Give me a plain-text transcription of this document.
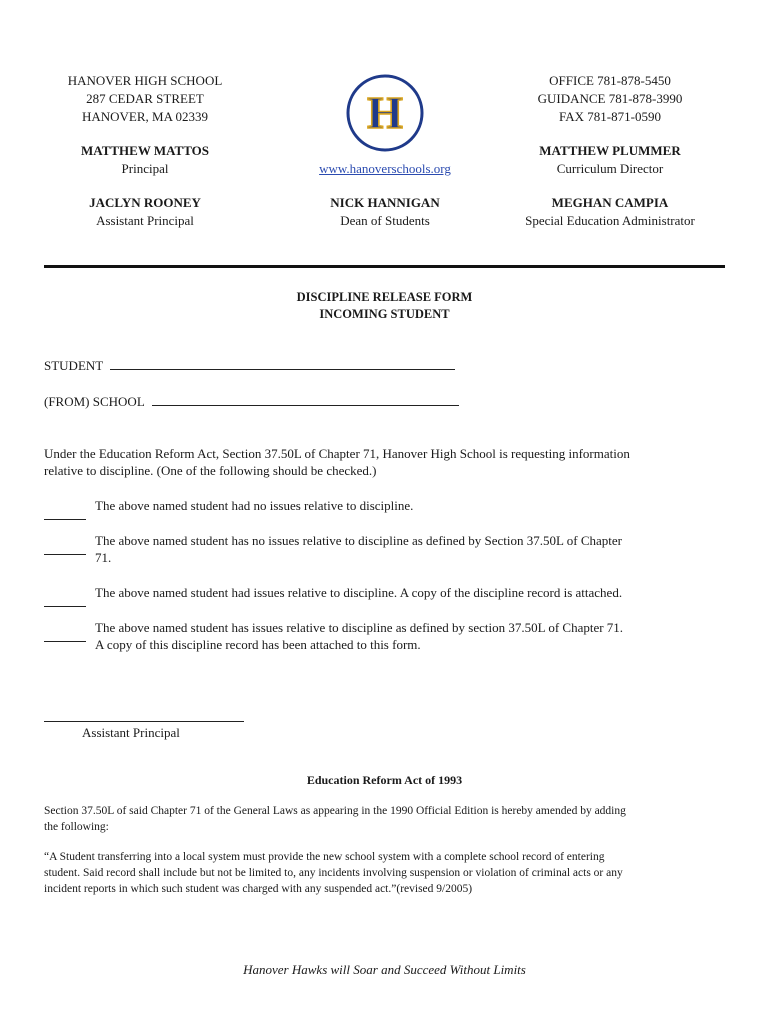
HANOVER HIGH SCHOOL
287 CEDAR STREET
HANOVER, MA 02339
MATTHEW MATTOS
Principal
JACLYN ROONEY
Assistant Principal
OFFICE 781-878-5450
GUIDANCE 781-878-3990
FAX 781-871-0590
MATTHEW PLUMMER
Curriculum Director
MEGHAN CAMPIA
Special Education Administrator
H
www.hanoverschools.org
NICK HANNIGAN
Dean of Students
DISCIPLINE RELEASE FORM
INCOMING STUDENT
STUDENT
(FROM) SCHOOL
Under the Education Reform Act, Section 37.50L of Chapter 71, Hanover High School is requesting information
relative to discipline. (One of the following should be checked.)
The above named student had no issues relative to discipline.
The above named student has no issues relative to discipline as defined by Section 37.50L of Chapter
71.
The above named student had issues relative to discipline. A copy of the discipline record is attached.
The above named student has issues relative to discipline as defined by section 37.50L of Chapter 71.
A copy of this discipline record has been attached to this form.
Assistant Principal
Education Reform Act of 1993
Section 37.50L of said Chapter 71 of the General Laws as appearing in the 1990 Official Edition is hereby amended by adding
the following:
“A Student transferring into a local system must provide the new school system with a complete school record of entering
student. Said record shall include but not be limited to, any incidents involving suspension or violation of criminal acts or any
incident reports in which such student was charged with any suspended act.”(revised 9/2005)
Hanover Hawks will Soar and Succeed Without Limits
